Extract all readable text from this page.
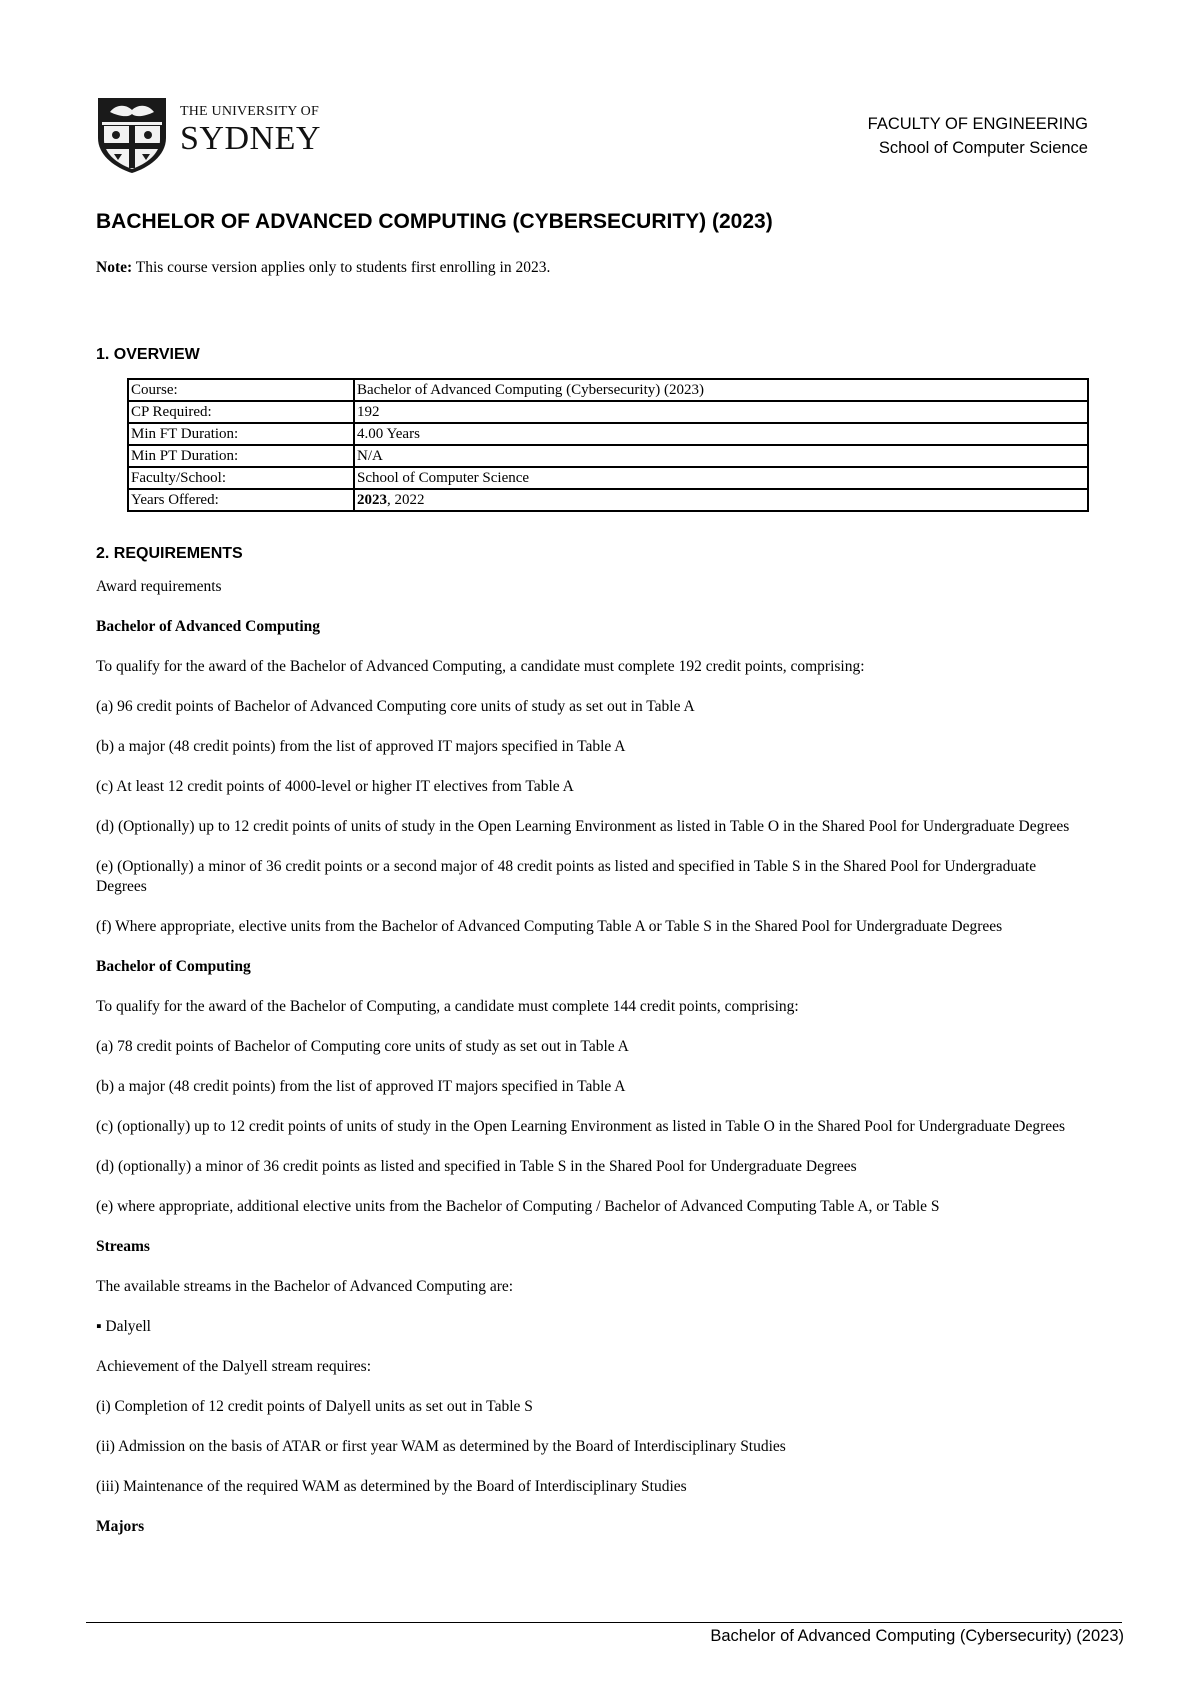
THE UNIVERSITY OF
SYDNEY	FACULTY OF ENGINEERING
School of Computer Science
BACHELOR OF ADVANCED COMPUTING (CYBERSECURITY) (2023)
Note: This course version applies only to students first enrolling in 2023.
1. OVERVIEW
Course:	Bachelor of Advanced Computing (Cybersecurity) (2023)
CP Required:	192
Min FT Duration:	4.00 Years
Min PT Duration:	N/A
Faculty/School:	School of Computer Science
Years Offered:	2023, 2022
2. REQUIREMENTS

Award requirements

Bachelor of Advanced Computing

To qualify for the award of the Bachelor of Advanced Computing, a candidate must complete 192 credit points, comprising:

(a) 96 credit points of Bachelor of Advanced Computing core units of study as set out in Table A

(b) a major (48 credit points) from the list of approved IT majors specified in Table A

(c) At least 12 credit points of 4000-level or higher IT electives from Table A

(d) (Optionally) up to 12 credit points of units of study in the Open Learning Environment as listed in Table O in the Shared Pool for Undergraduate Degrees

(e) (Optionally) a minor of 36 credit points or a second major of 48 credit points as listed and specified in Table S in the Shared Pool for Undergraduate Degrees

(f) Where appropriate, elective units from the Bachelor of Advanced Computing Table A or Table S in the Shared Pool for Undergraduate Degrees

Bachelor of Computing

To qualify for the award of the Bachelor of Computing, a candidate must complete 144 credit points, comprising:

(a) 78 credit points of Bachelor of Computing core units of study as set out in Table A

(b) a major (48 credit points) from the list of approved IT majors specified in Table A

(c) (optionally) up to 12 credit points of units of study in the Open Learning Environment as listed in Table O in the Shared Pool for Undergraduate Degrees

(d) (optionally) a minor of 36 credit points as listed and specified in Table S in the Shared Pool for Undergraduate Degrees

(e) where appropriate, additional elective units from the Bachelor of Computing / Bachelor of Advanced Computing Table A, or Table S

Streams

The available streams in the Bachelor of Advanced Computing are:

▪ Dalyell

Achievement of the Dalyell stream requires:

(i) Completion of 12 credit points of Dalyell units as set out in Table S

(ii) Admission on the basis of ATAR or first year WAM as determined by the Board of Interdisciplinary Studies

(iii) Maintenance of the required WAM as determined by the Board of Interdisciplinary Studies

Majors

Bachelor of Advanced Computing (Cybersecurity) (2023)
